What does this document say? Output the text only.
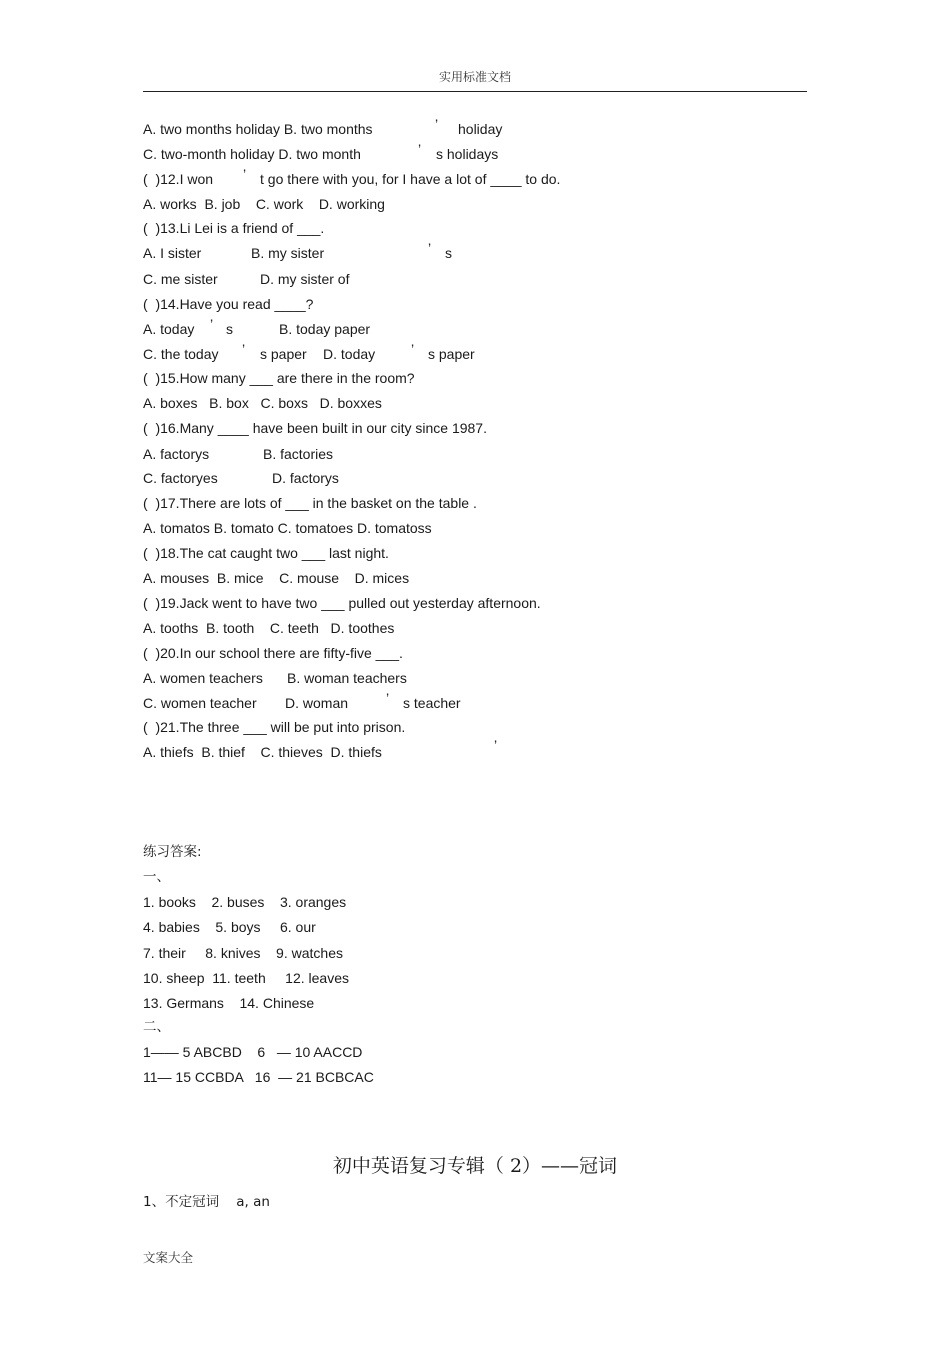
实用标准文档
A. two months holiday B. two months	’ holiday
C. two-month holiday D. two month	’ s holidays
(  )12.I won ’ t go there with you, for I have a lot of ____ to do.
A. works  B. job    C. work    D. working
(  )13.Li Lei is a friend of ___.
A. I sister	B. my sister	’ s
C. me sister	D. my sister of
(  )14.Have you read ____?
A. today ’ s	B. today paper
C. the today ’ s paper D. today	’ s paper
(  )15.How many ___ are there in the room?
A. boxes   B. box   C. boxs   D. boxxes
(  )16.Many ____ have been built in our city since 1987.
A. factorys	B. factories
C. factoryes	D. factorys
(  )17.There are lots of ___ in the basket on the table .
A. tomatos B. tomato C. tomatoes D. tomatoss
(  )18.The cat caught two ___ last night.
A. mouses  B. mice    C. mouse    D. mices
(  )19.Jack went to have two ___ pulled out yesterday afternoon.
A. tooths  B. tooth    C. teeth   D. toothes
(  )20.In our school there are fifty-five ___.
A. women teachers B. woman teachers
C. women teacher D. woman	’ s teacher
(  )21.The three ___ will be put into prison.
A. thiefs  B. thief    C. thieves  D. thiefs	’
练习答案:
一、
1. books    2. buses    3. oranges
4. babies    5. boys     6. our
7. their     8. knives    9. watches
10. sheep  11. teeth     12. leaves
13. Germans    14. Chinese
二、
1—— 5 ABCBD    6   — 10 AACCD
11— 15 CCBDA   16  — 21 BCBCAC
初中英语复习专辑（ 2）——冠词
1、不定冠词    a, an
文案大全
